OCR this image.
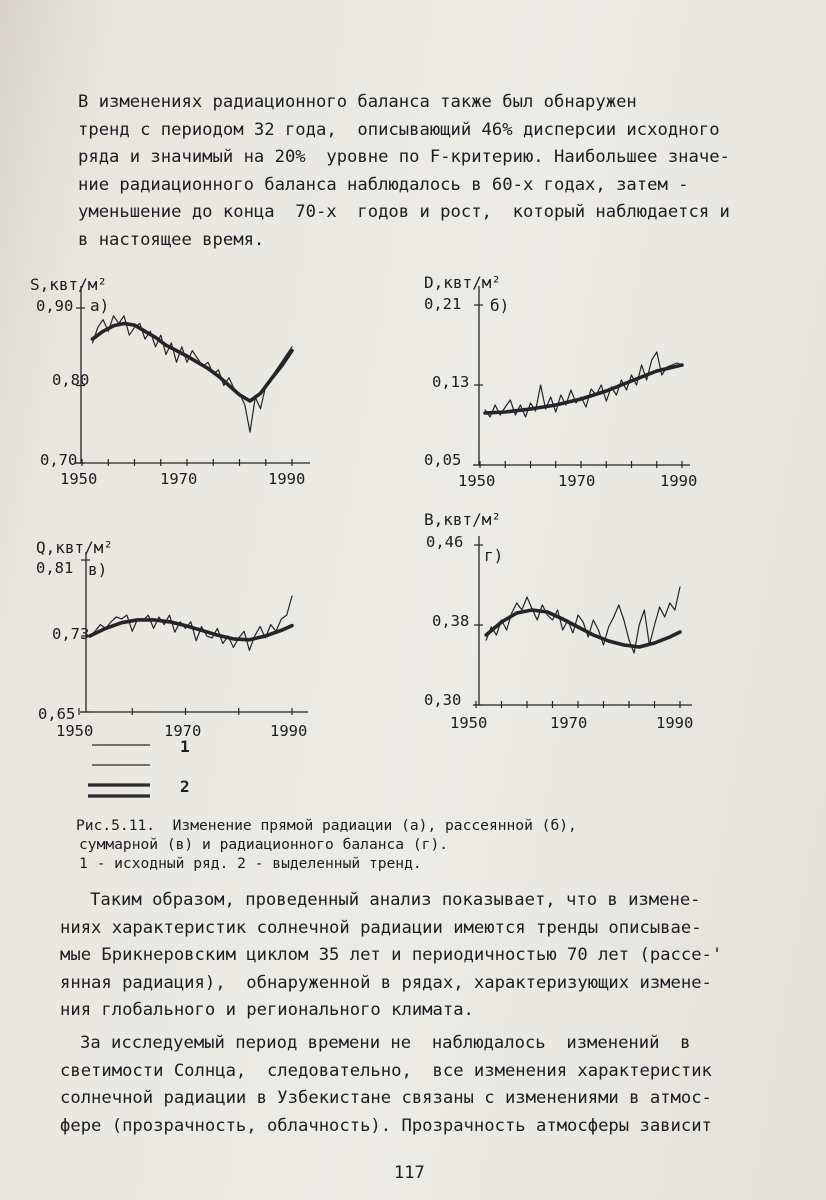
В изменениях радиационного баланса также был обнаружен
тренд с периодом 32 года,  описывающий 46% дисперсии исходного
ряда и значимый на 20%  уровне по F-критерию. Наибольшее значе-
ние радиационного баланса наблюдалось в 60-х годах, затем -
уменьшение до конца  70-х  годов и рост,  который наблюдается и
в настоящее время.
S,квт/м²
а)
0,90
0,80
0,70
1950	1970	1990
D,квт/м²
б)
0,21
0,13
0,05
1950	1970	1990
Q,квт/м²
в)
0,81
0,73
0,65
1950	1970	1990
B,квт/м²
г)
0,46
0,38
0,30
1950	1970	1990
1
2
Рис.5.11.  Изменение прямой радиации (а), рассеянной (б),
суммарной (в) и радиационного баланса (г).
1 - исходный ряд. 2 - выделенный тренд.
Таким образом, проведенный анализ показывает, что в измене-
ниях характеристик солнечной радиации имеются тренды описывае-
мые Брикнеровским циклом 35 лет и периодичностью 70 лет (рассе-'
янная радиация),  обнаруженной в рядах, характеризующих измене-
ния глобального и регионального климата.
За исследуемый период времени не  наблюдалось  изменений  в
светимости Солнца,  следовательно,  все изменения характеристик
солнечной радиации в Узбекистане связаны с изменениями в атмос-
фере (прозрачность, облачность). Прозрачность атмосферы зависит
117
